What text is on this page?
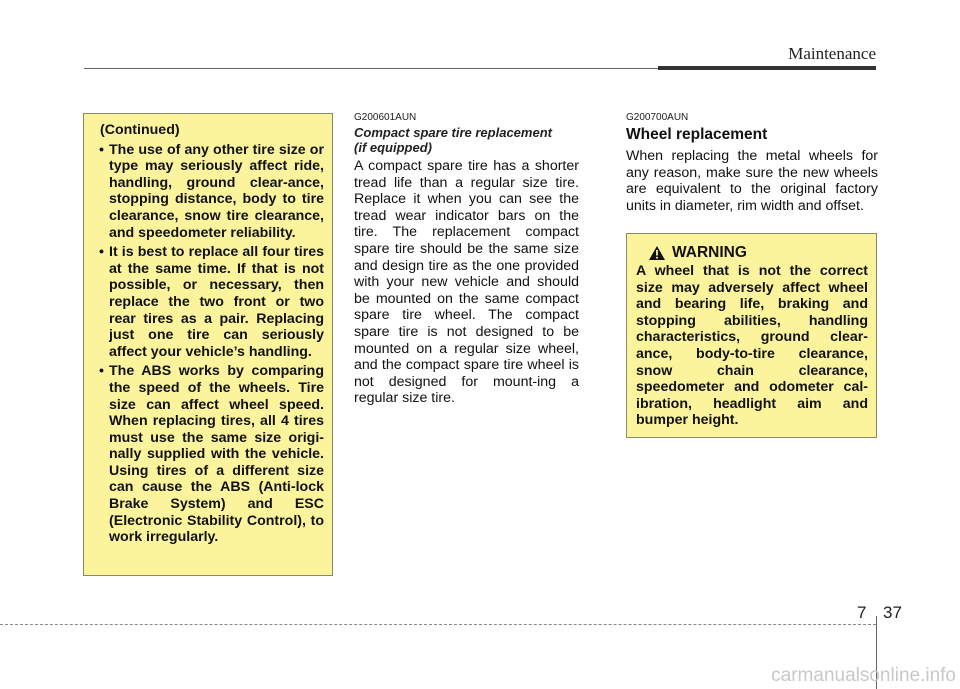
Maintenance
(Continued)
• The use of any other tire size or type may seriously affect ride, handling, ground clear-ance, stopping distance, body to tire clearance, snow tire clearance, and speedometer reliability.
• It is best to replace all four tires at the same time. If that is not possible, or necessary, then replace the two front or two rear tires as a pair. Replacing just one tire can seriously affect your vehicle’s handling.
• The ABS works by comparing the speed of the wheels. Tire size can affect wheel speed. When replacing tires, all 4 tires must use the same size origi-nally supplied with the vehicle. Using tires of a different size can cause the ABS (Anti-lock Brake System) and ESC (Electronic Stability Control), to work irregularly.
G200601AUN
Compact spare tire replacement
(if equipped)
A compact spare tire has a shorter tread life than a regular size tire. Replace it when you can see the tread wear indicator bars on the tire. The replacement compact spare tire should be the same size and design tire as the one provided with your new vehicle and should be mounted on the same compact spare tire wheel. The compact spare tire is not designed to be mounted on a regular size wheel, and the compact spare tire wheel is not designed for mount-ing a regular size tire.
G200700AUN
Wheel replacement
When replacing the metal wheels for any reason, make sure the new wheels are equivalent to the original factory units in diameter, rim width and offset.
WARNING
A wheel that is not the correct size may adversely affect wheel and bearing life, braking and stopping abilities, handling characteristics, ground clear-ance, body-to-tire clearance, snow chain clearance, speedometer and odometer cal-ibration, headlight aim and bumper height.
7 37
carmanualsonline.info
